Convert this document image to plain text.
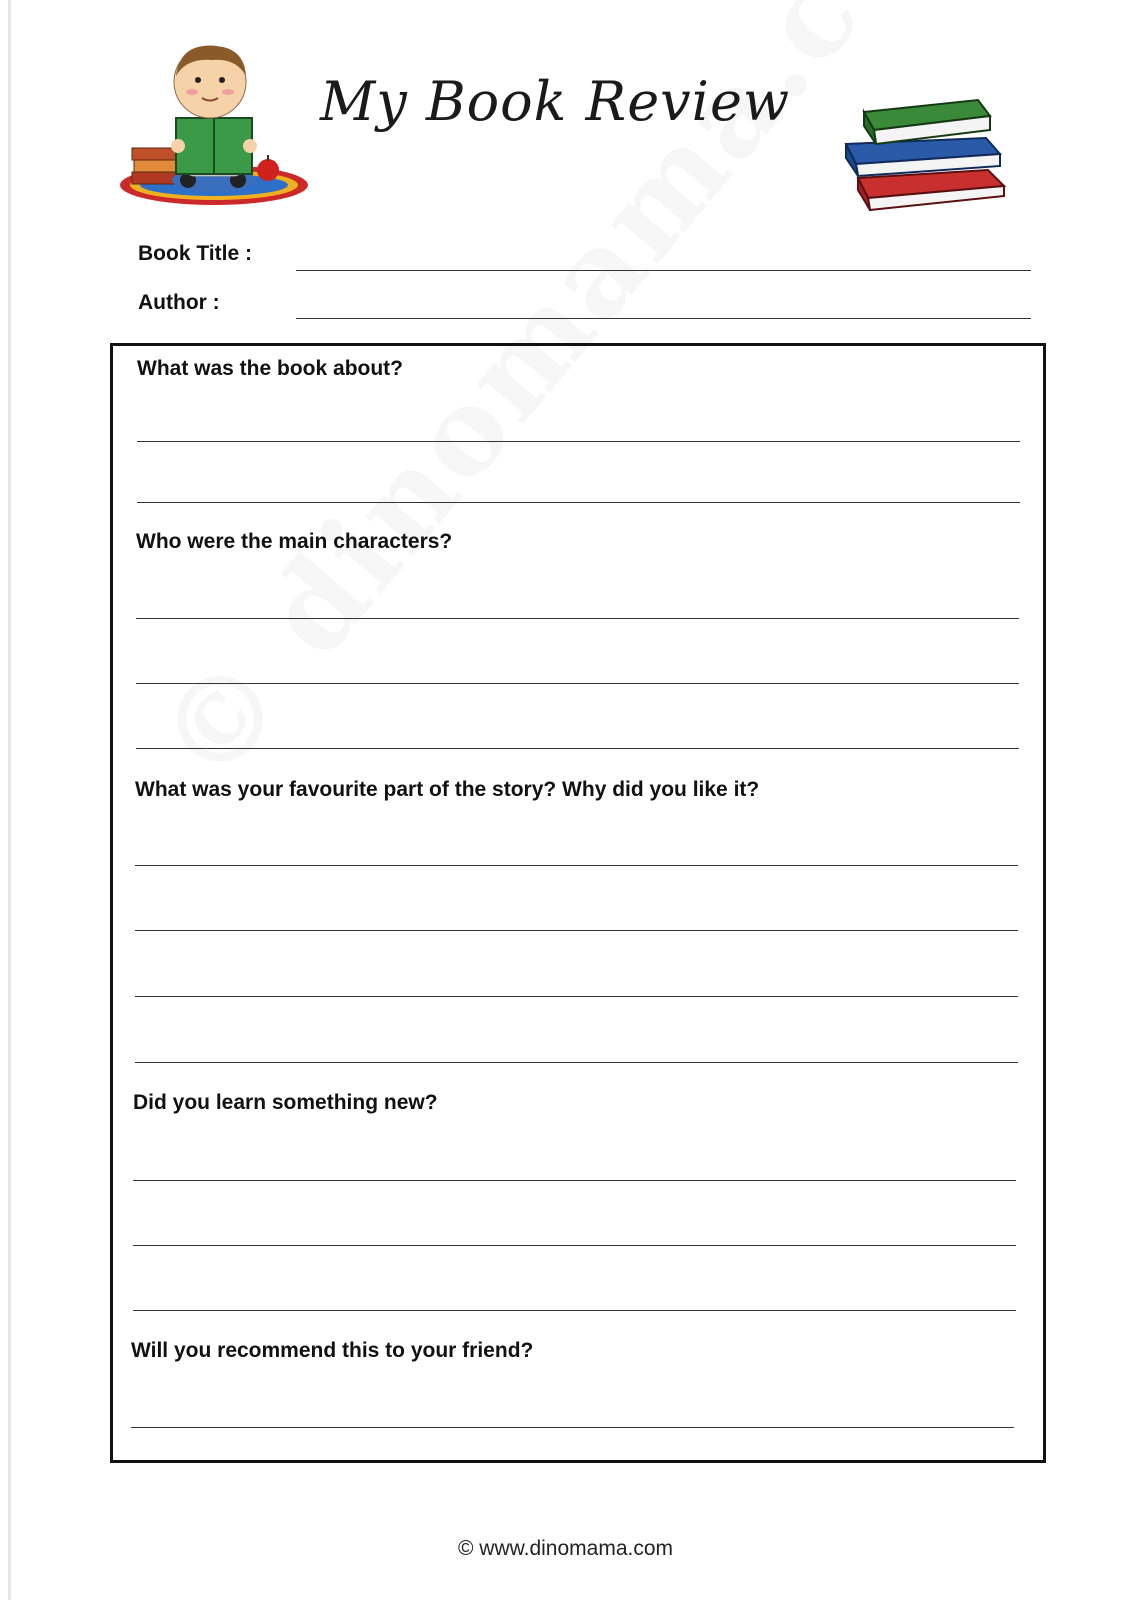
My Book Review
Book Title :
Author :
What was the book about?
Who were the main characters?
What was your favourite part of the story? Why did you like it?
Did you learn something new?
Will you recommend this to your friend?
© www.dinomama.com
